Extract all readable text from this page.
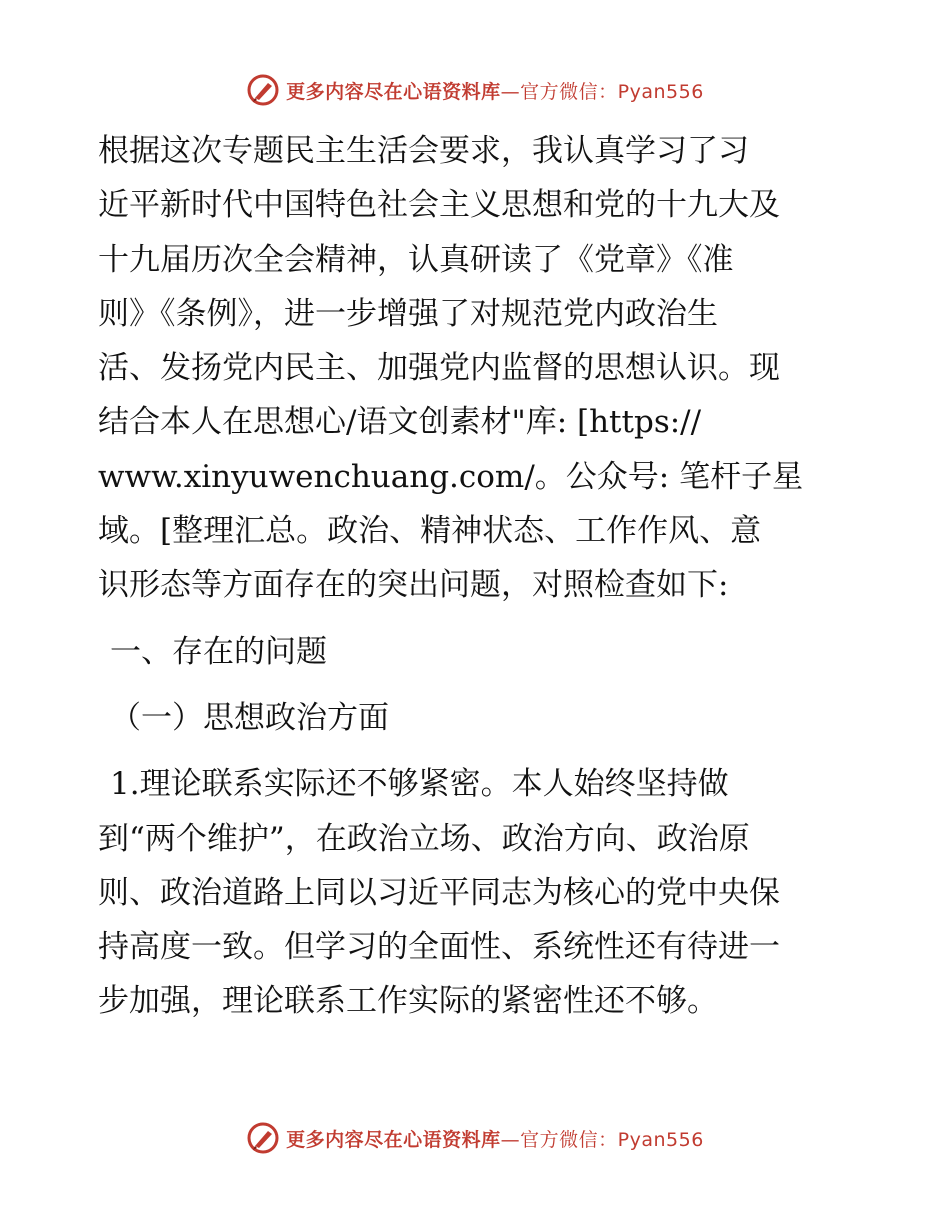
更多内容尽在心语资料库—官方微信：Pyan556
根据这次专题民主生活会要求，我认真学习了习
近平新时代中国特色社会主义思想和党的十九大及
十九届历次全会精神，认真研读了《党章》《准
则》《条例》，进一步增强了对规范党内政治生
活、发扬党内民主、加强党内监督的思想认识。现
结合本人在思想心/语文创素材"库: [https://
www.xinyuwenchuang.com/。公众号: 笔杆子星
域。[整理汇总。政治、精神状态、工作作风、意
识形态等方面存在的突出问题，对照检查如下:
一、存在的问题
（一）思想政治方面
1.理论联系实际还不够紧密。本人始终坚持做
到“两个维护”，在政治立场、政治方向、政治原
则、政治道路上同以习近平同志为核心的党中央保
持高度一致。但学习的全面性、系统性还有待进一
步加强，理论联系工作实际的紧密性还不够。
更多内容尽在心语资料库—官方微信：Pyan556
